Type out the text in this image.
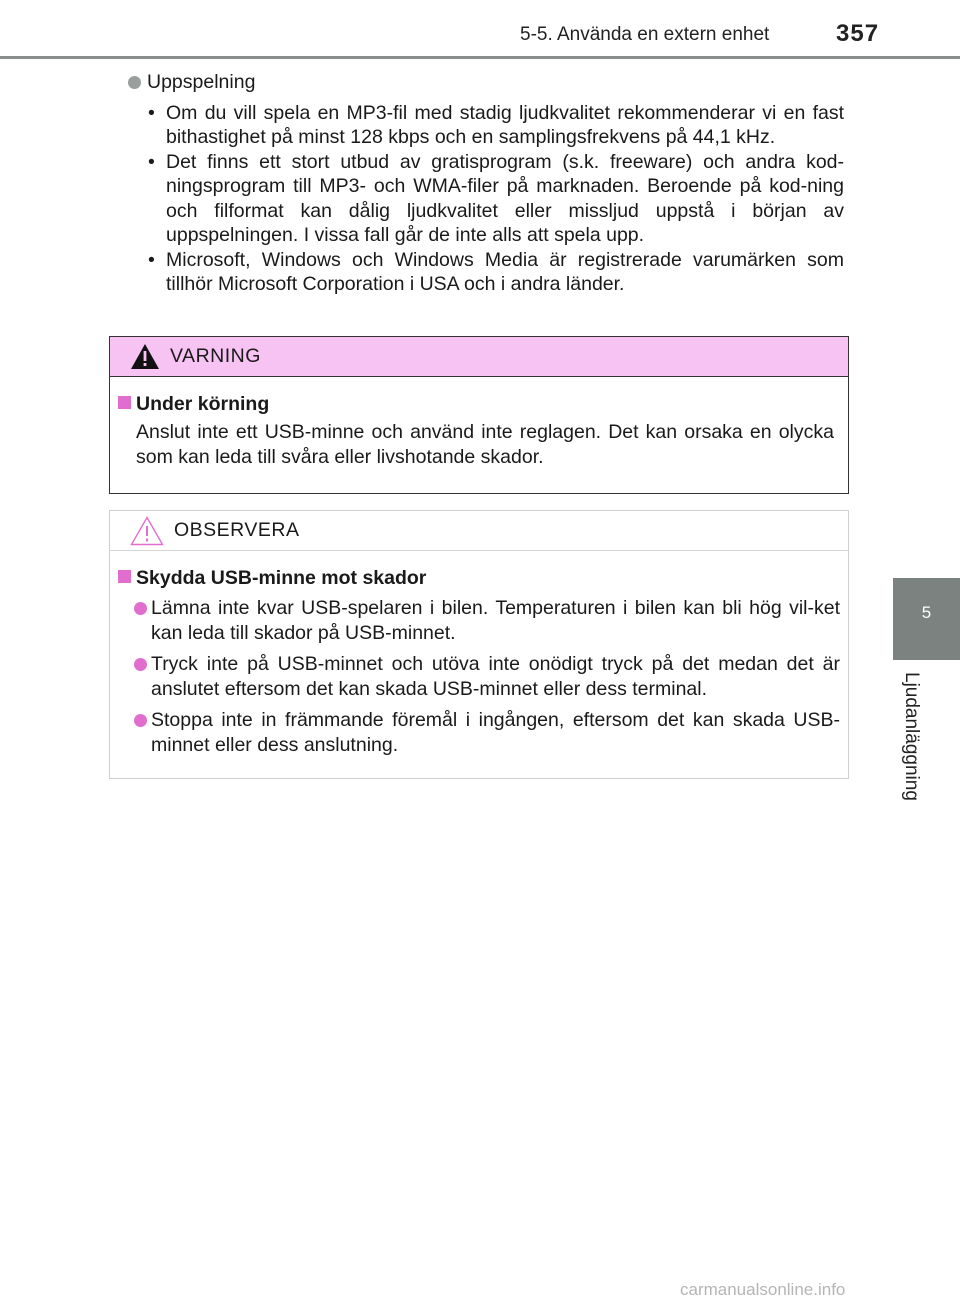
5-5. Använda en extern enhet	357
5
Ljudanläggning
Uppspelning
• Om du vill spela en MP3-fil med stadig ljudkvalitet rekommenderar vi en fast bithastighet på minst 128 kbps och en samplingsfrekvens på 44,1 kHz.
• Det finns ett stort utbud av gratisprogram (s.k. freeware) och andra kod-ningsprogram till MP3- och WMA-filer på marknaden. Beroende på kod-ning och filformat kan dålig ljudkvalitet eller missljud uppstå i början av uppspelningen. I vissa fall går de inte alls att spela upp.
• Microsoft, Windows och Windows Media är registrerade varumärken som tillhör Microsoft Corporation i USA och i andra länder.
VARNING
Under körning
Anslut inte ett USB-minne och använd inte reglagen. Det kan orsaka en olycka som kan leda till svåra eller livshotande skador.
OBSERVERA
Skydda USB-minne mot skador
Lämna inte kvar USB-spelaren i bilen. Temperaturen i bilen kan bli hög vil-ket kan leda till skador på USB-minnet.
Tryck inte på USB-minnet och utöva inte onödigt tryck på det medan det är anslutet eftersom det kan skada USB-minnet eller dess terminal.
Stoppa inte in främmande föremål i ingången, eftersom det kan skada USB-minnet eller dess anslutning.
carmanualsonline.info
